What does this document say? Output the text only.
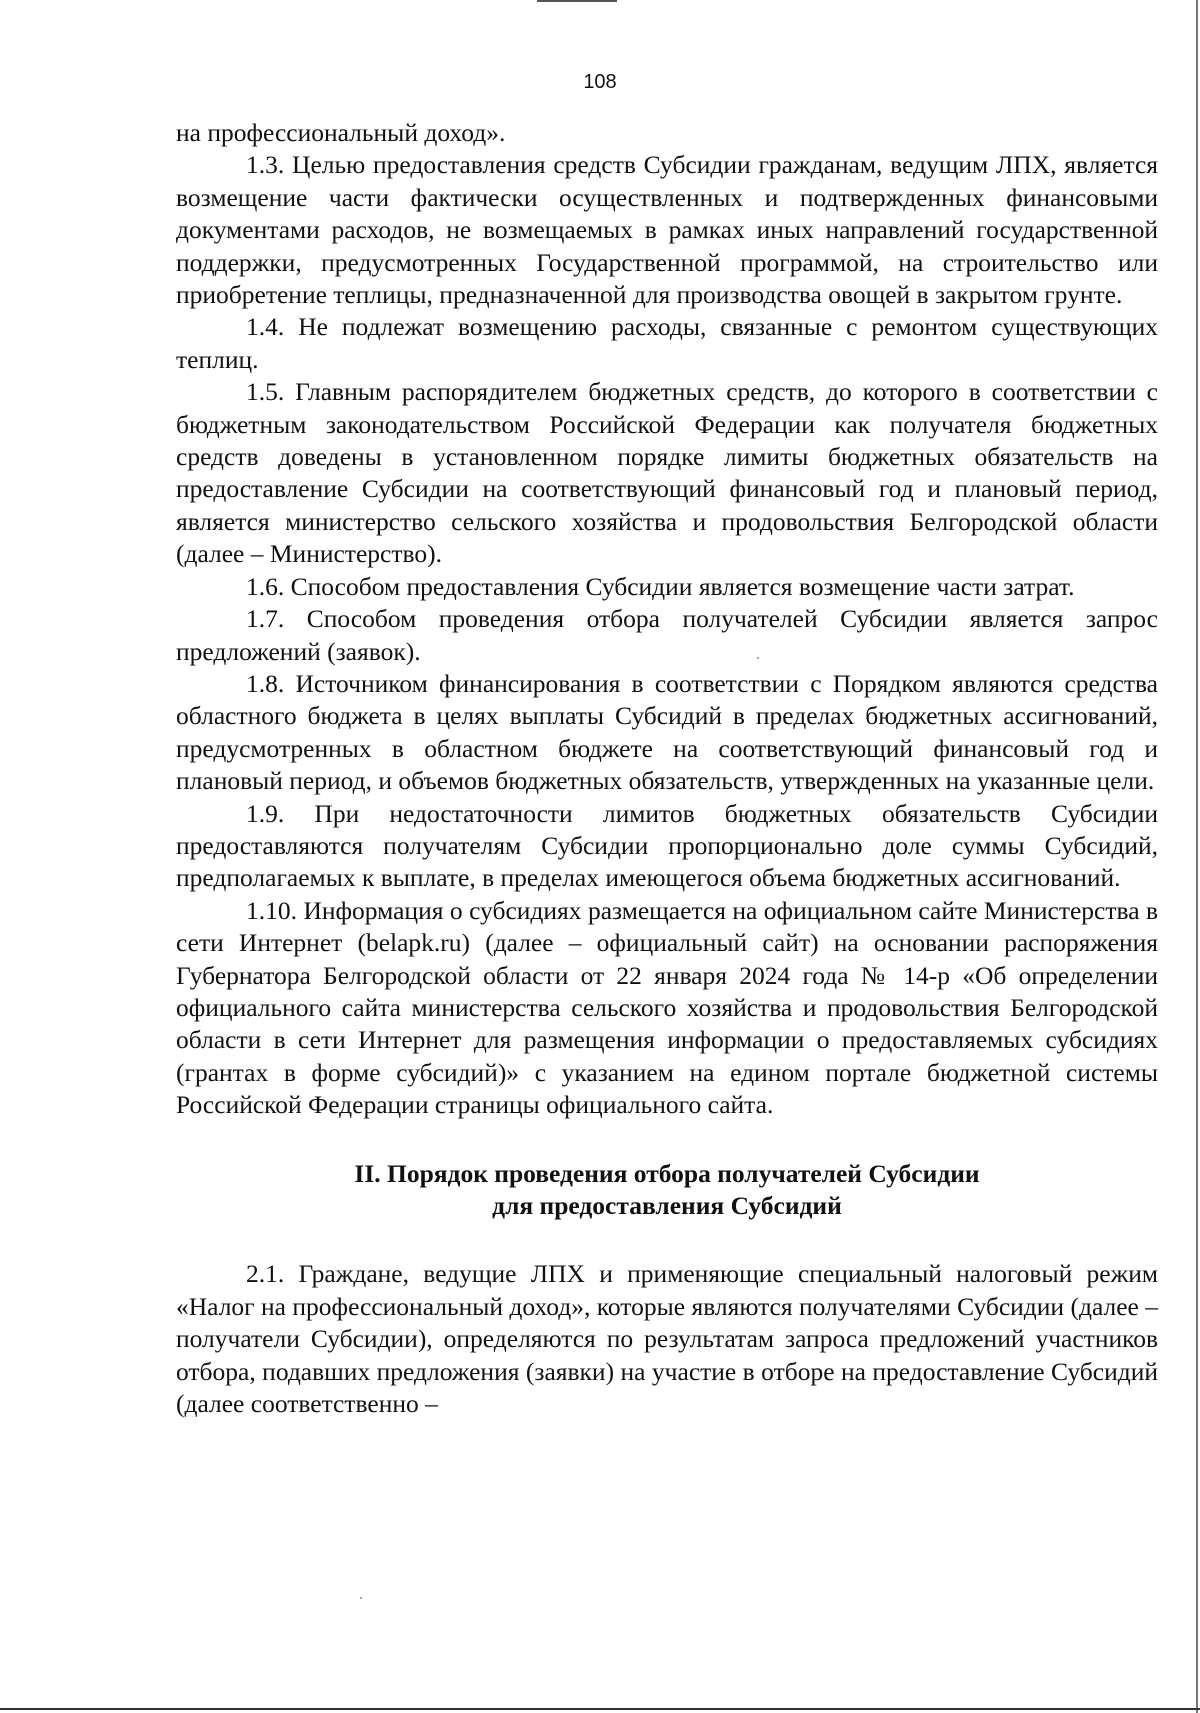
108

на профессиональный доход».

1.3. Целью предоставления средств Субсидии гражданам, ведущим ЛПХ, является возмещение части фактически осуществленных и подтвержденных финансовыми документами расходов, не возмещаемых в рамках иных направлений государственной поддержки, предусмотренных Государственной программой, на строительство или приобретение теплицы, предназначенной для производства овощей в закрытом грунте.

1.4. Не подлежат возмещению расходы, связанные с ремонтом существующих теплиц.

1.5. Главным распорядителем бюджетных средств, до которого в соответствии с бюджетным законодательством Российской Федерации как получателя бюджетных средств доведены в установленном порядке лимиты бюджетных обязательств на предоставление Субсидии на соответствующий финансовый год и плановый период, является министерство сельского хозяйства и продовольствия Белгородской области (далее – Министерство).

1.6. Способом предоставления Субсидии является возмещение части затрат.

1.7. Способом проведения отбора получателей Субсидии является запрос предложений (заявок).

1.8. Источником финансирования в соответствии с Порядком являются средства областного бюджета в целях выплаты Субсидий в пределах бюджетных ассигнований, предусмотренных в областном бюджете на соответствующий финансовый год и плановый период, и объемов бюджетных обязательств, утвержденных на указанные цели.

1.9. При недостаточности лимитов бюджетных обязательств Субсидии предоставляются получателям Субсидии пропорционально доле суммы Субсидий, предполагаемых к выплате, в пределах имеющегося объема бюджетных ассигнований.

1.10. Информация о субсидиях размещается на официальном сайте Министерства в сети Интернет (belapk.ru) (далее – официальный сайт) на основании распоряжения Губернатора Белгородской области от 22 января 2024 года № 14-р «Об определении официального сайта министерства сельского хозяйства и продовольствия Белгородской области в сети Интернет для размещения информации о предоставляемых субсидиях (грантах в форме субсидий)» с указанием на едином портале бюджетной системы Российской Федерации страницы официального сайта.

II. Порядок проведения отбора получателей Субсидии

для предоставления Субсидий

2.1. Граждане, ведущие ЛПХ и применяющие специальный налоговый режим «Налог на профессиональный доход», которые являются получателями Субсидии (далее – получатели Субсидии), определяются по результатам запроса предложений участников отбора, подавших предложения (заявки) на участие в отборе на предоставление Субсидий (далее соответственно –
